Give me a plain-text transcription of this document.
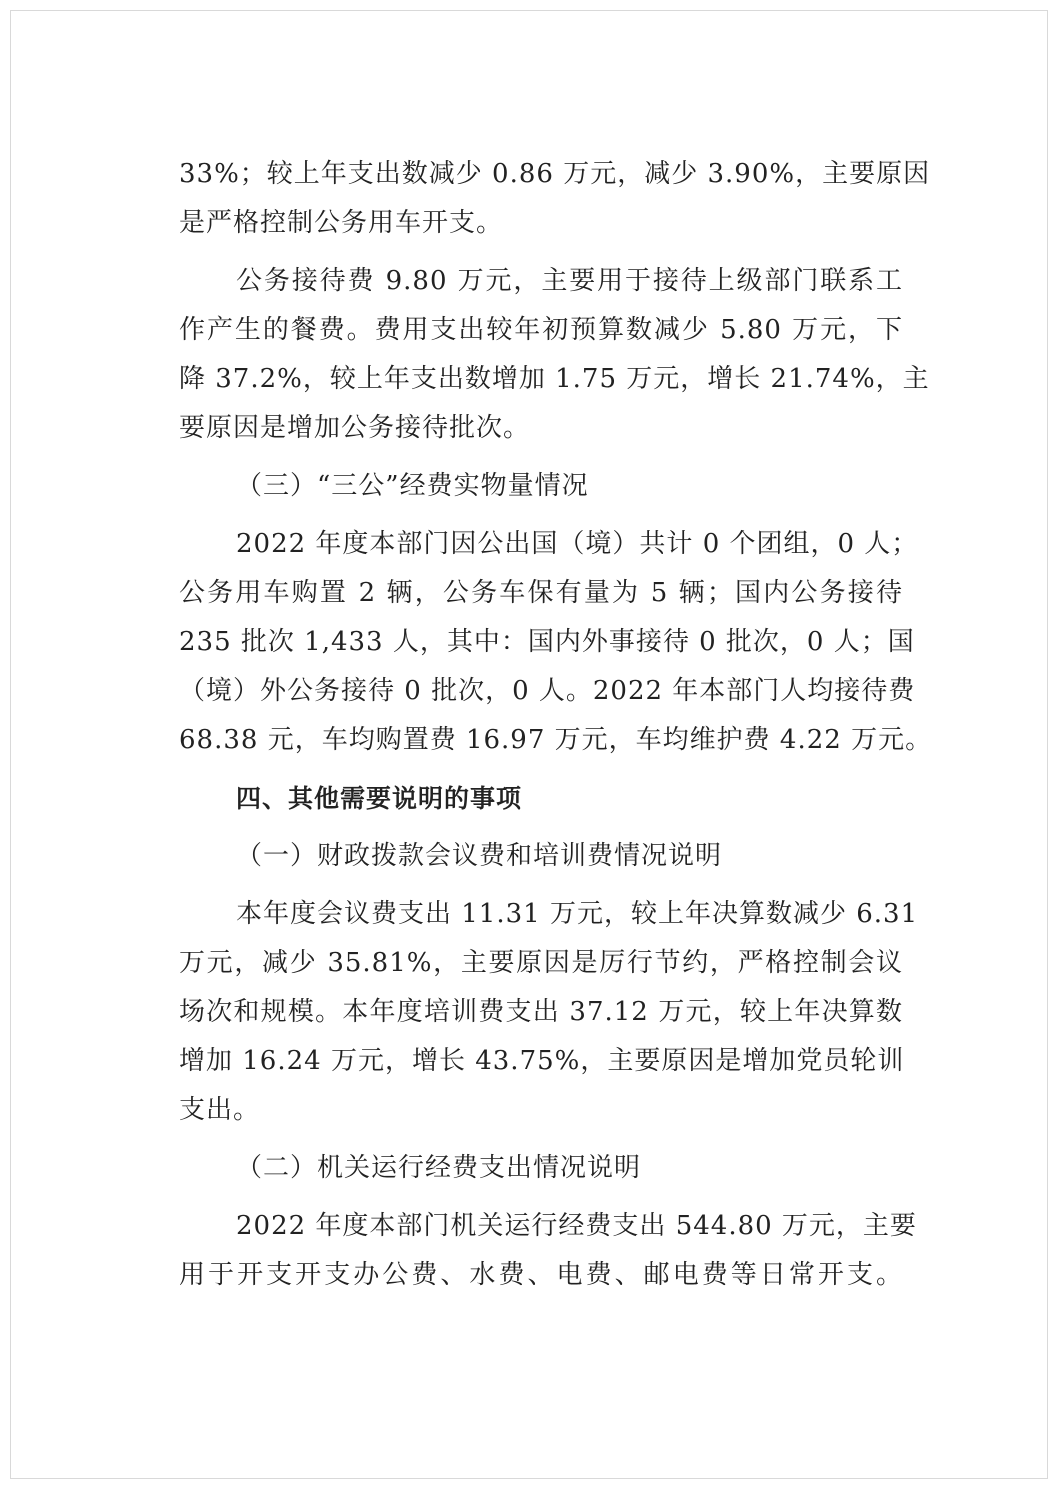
33%；较上年支出数减少 0.86 万元，减少 3.90%，主要原因
是严格控制公务用车开支。
公务接待费 9.80 万元，主要用于接待上级部门联系工
作产生的餐费。费用支出较年初预算数减少 5.80 万元，下
降 37.2%，较上年支出数增加 1.75 万元，增长 21.74%，主
要原因是增加公务接待批次。
（三）“三公”经费实物量情况
2022 年度本部门因公出国（境）共计 0 个团组，0 人；
公务用车购置 2 辆，公务车保有量为 5 辆；国内公务接待
235 批次 1,433 人，其中：国内外事接待 0 批次，0 人；国
（境）外公务接待 0 批次，0 人。2022 年本部门人均接待费
68.38 元，车均购置费 16.97 万元，车均维护费 4.22 万元。
四、其他需要说明的事项
（一）财政拨款会议费和培训费情况说明
本年度会议费支出 11.31 万元，较上年决算数减少 6.31
万元，减少 35.81%，主要原因是厉行节约，严格控制会议
场次和规模。本年度培训费支出 37.12 万元，较上年决算数
增加 16.24 万元，增长 43.75%，主要原因是增加党员轮训
支出。
（二）机关运行经费支出情况说明
2022 年度本部门机关运行经费支出 544.80 万元，主要
用于开支开支办公费、水费、电费、邮电费等日常开支。
